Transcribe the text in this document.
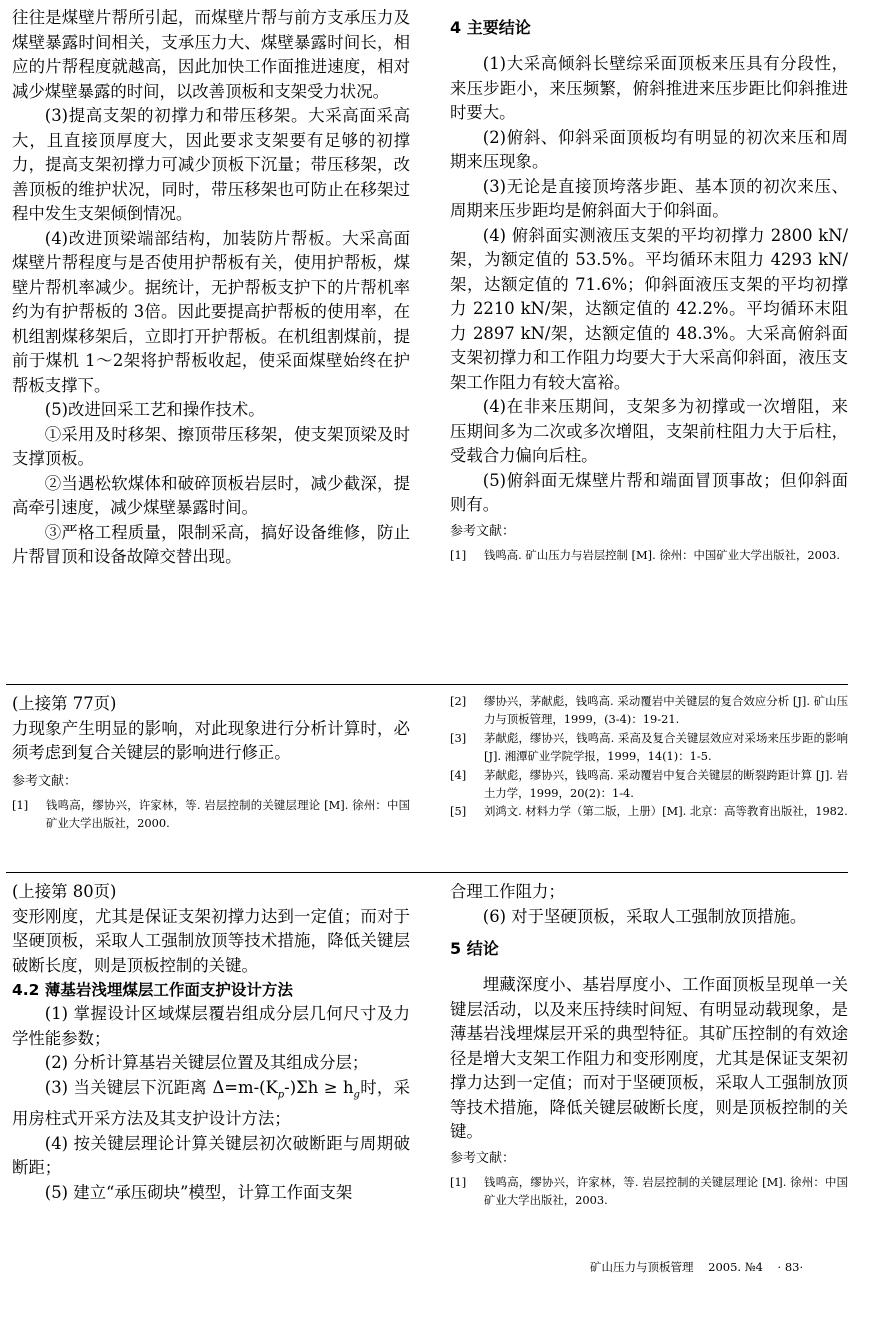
往往是煤壁片帮所引起，而煤壁片帮与前方支承压力及煤壁暴露时间相关，支承压力大、煤壁暴露时间长，相应的片帮程度就越高，因此加快工作面推进速度，相对减少煤壁暴露的时间，以改善顶板和支架受力状况。

(3)提高支架的初撑力和带压移架。大采高面采高大，且直接顶厚度大，因此要求支架要有足够的初撑力，提高支架初撑力可减少顶板下沉量；带压移架，改善顶板的维护状况，同时，带压移架也可防止在移架过程中发生支架倾倒情况。

(4)改进顶梁端部结构，加装防片帮板。大采高面煤壁片帮程度与是否使用护帮板有关，使用护帮板，煤壁片帮机率减少。据统计，无护帮板支护下的片帮机率约为有护帮板的 3倍。因此要提高护帮板的使用率，在机组割煤移架后，立即打开护帮板。在机组割煤前，提前于煤机 1～2架将护帮板收起，使采面煤壁始终在护帮板支撑下。

(5)改进回采工艺和操作技术。

①采用及时移架、擦顶带压移架，使支架顶梁及时支撑顶板。

②当遇松软煤体和破碎顶板岩层时，减少截深，提高牵引速度，减少煤壁暴露时间。

③严格工程质量，限制采高，搞好设备维修，防止片帮冒顶和设备故障交替出现。

4 主要结论

(1)大采高倾斜长壁综采面顶板来压具有分段性，来压步距小，来压频繁，俯斜推进来压步距比仰斜推进时要大。

(2)俯斜、仰斜采面顶板均有明显的初次来压和周期来压现象。

(3)无论是直接顶垮落步距、基本顶的初次来压、周期来压步距均是俯斜面大于仰斜面。

(4) 俯斜面实测液压支架的平均初撑力 2800 kN/架，为额定值的 53.5%。平均循环末阻力 4293 kN/架，达额定值的 71.6%；仰斜面液压支架的平均初撑力 2210 kN/架，达额定值的 42.2%。平均循环末阻力 2897 kN/架，达额定值的 48.3%。大采高俯斜面支架初撑力和工作阻力均要大于大采高仰斜面，液压支架工作阻力有较大富裕。

(4)在非来压期间，支架多为初撑或一次增阻，来压期间多为二次或多次增阻，支架前柱阻力大于后柱，受载合力偏向后柱。

(5)俯斜面无煤壁片帮和端面冒顶事故；但仰斜面则有。

参考文献：

[1]	钱鸣高. 矿山压力与岩层控制 [M]. 徐州：中国矿业大学出版社，2003.

(上接第 77页)

力现象产生明显的影响，对此现象进行分析计算时，必须考虑到复合关键层的影响进行修正。

参考文献：

[1]	钱鸣高，缪协兴，许家林，等. 岩层控制的关键层理论 [M]. 徐州：中国矿业大学出版社，2000.
[2]	缪协兴，茅献彪，钱鸣高. 采动覆岩中关键层的复合效应分析 [J]. 矿山压力与顶板管理，1999，(3-4)：19-21.
[3]	茅献彪，缪协兴，钱鸣高. 采高及复合关键层效应对采场来压步距的影响 [J]. 湘潭矿业学院学报，1999，14(1)：1-5.
[4]	茅献彪，缪协兴，钱鸣高. 采动覆岩中复合关键层的断裂跨距计算 [J]. 岩土力学，1999，20(2)：1-4.
[5]	刘鸿文. 材料力学（第二版，上册）[M]. 北京：高等教育出版社，1982.

(上接第 80页)

变形刚度，尤其是保证支架初撑力达到一定值；而对于坚硬顶板，采取人工强制放顶等技术措施，降低关键层破断长度，则是顶板控制的关键。

4.2 薄基岩浅埋煤层工作面支护设计方法

(1) 掌握设计区域煤层覆岩组成分层几何尺寸及力学性能参数；

(2) 分析计算基岩关键层位置及其组成分层；

(3) 当关键层下沉距离 $\Delta=m-(K_p-)\Sigma h \ge h_g$时，采用房柱式开采方法及其支护设计方法；

(4) 按关键层理论计算关键层初次破断距与周期破断距；

(5) 建立“承压砌块”模型，计算工作面支架

合理工作阻力；

(6) 对于坚硬顶板，采取人工强制放顶措施。

5 结论

埋藏深度小、基岩厚度小、工作面顶板呈现单一关键层活动，以及来压持续时间短、有明显动载现象，是薄基岩浅埋煤层开采的典型特征。其矿压控制的有效途径是增大支架工作阻力和变形刚度，尤其是保证支架初撑力达到一定值；而对于坚硬顶板，采取人工强制放顶等技术措施，降低关键层破断长度，则是顶板控制的关键。

参考文献：

[1]	钱鸣高，缪协兴，许家林，等. 岩层控制的关键层理论 [M]. 徐州：中国矿业大学出版社，2003.
矿山压力与顶板管理 2005. №4 · 83·
